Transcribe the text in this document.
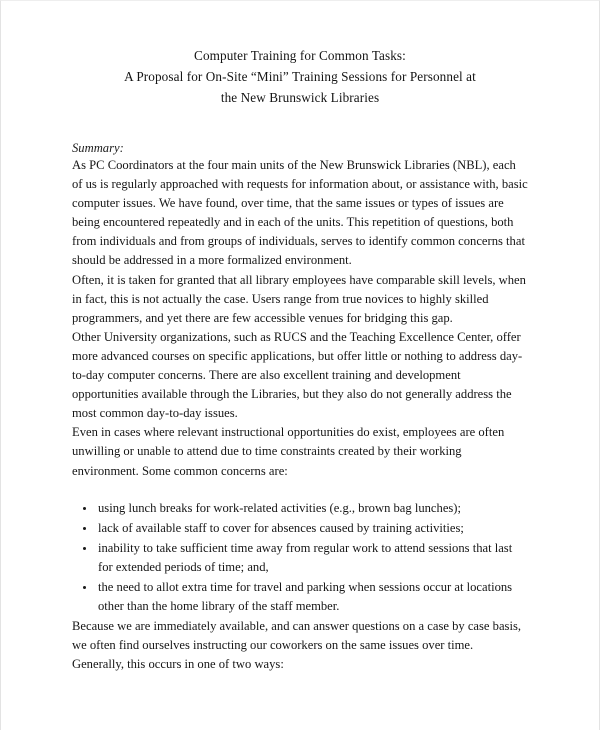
Computer Training for Common Tasks:
A Proposal for On-Site “Mini” Training Sessions for Personnel at
the New Brunswick Libraries
Summary:

As PC Coordinators at the four main units of the New Brunswick Libraries (NBL), each of us is regularly approached with requests for information about, or assistance with, basic computer issues. We have found, over time, that the same issues or types of issues are being encountered repeatedly and in each of the units. This repetition of questions, both from individuals and from groups of individuals, serves to identify common concerns that should be addressed in a more formalized environment.

Often, it is taken for granted that all library employees have comparable skill levels, when in fact, this is not actually the case. Users range from true novices to highly skilled programmers, and yet there are few accessible venues for bridging this gap.

Other University organizations, such as RUCS and the Teaching Excellence Center, offer more advanced courses on specific applications, but offer little or nothing to address day-to-day computer concerns. There are also excellent training and development opportunities available through the Libraries, but they also do not generally address the most common day-to-day issues.

Even in cases where relevant instructional opportunities do exist, employees are often unwilling or unable to attend due to time constraints created by their working environment. Some common concerns are:

using lunch breaks for work-related activities (e.g., brown bag lunches);
lack of available staff to cover for absences caused by training activities;
inability to take sufficient time away from regular work to attend sessions that last for extended periods of time; and,
the need to allot extra time for travel and parking when sessions occur at locations other than the home library of the staff member.

Because we are immediately available, and can answer questions on a case by case basis, we often find ourselves instructing our coworkers on the same issues over time. Generally, this occurs in one of two ways:
